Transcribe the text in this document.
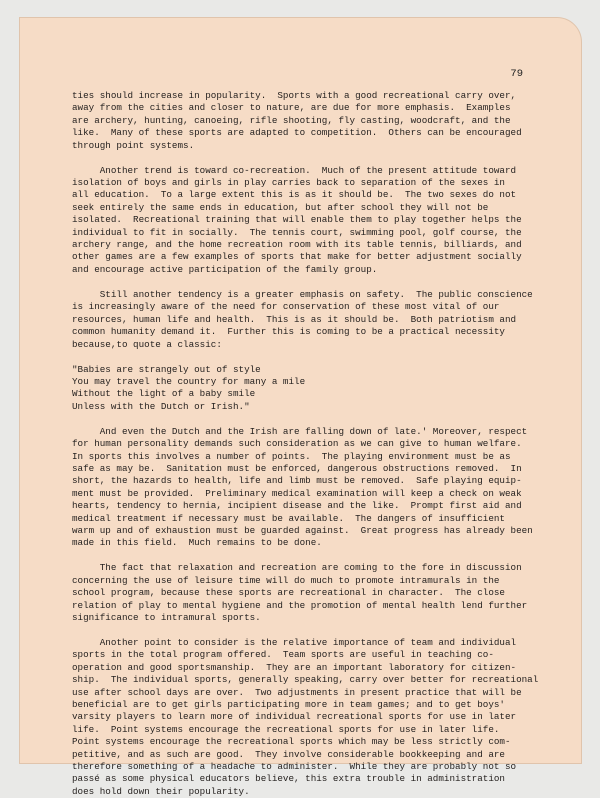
79
ties should increase in popularity.  Sports with a good recreational carry over,
away from the cities and closer to nature, are due for more emphasis.  Examples
are archery, hunting, canoeing, rifle shooting, fly casting, woodcraft, and the
like.  Many of these sports are adapted to competition.  Others can be encouraged
through point systems.
Another trend is toward co-recreation.  Much of the present attitude toward
isolation of boys and girls in play carries back to separation of the sexes in
all education.  To a large extent this is as it should be.  The two sexes do not
seek entirely the same ends in education, but after school they will not be
isolated.  Recreational training that will enable them to play together helps the
individual to fit in socially.  The tennis court, swimming pool, golf course, the
archery range, and the home recreation room with its table tennis, billiards, and
other games are a few examples of sports that make for better adjustment socially
and encourage active participation of the family group.
Still another tendency is a greater emphasis on safety.  The public conscience
is increasingly aware of the need for conservation of these most vital of our
resources, human life and health.  This is as it should be.  Both patriotism and
common humanity demand it.  Further this is coming to be a practical necessity
because,to quote a classic:
"Babies are strangely out of style
You may travel the country for many a mile
Without the light of a baby smile
Unless with the Dutch or Irish."
And even the Dutch and the Irish are falling down of late.' Moreover, respect
for human personality demands such consideration as we can give to human welfare.
In sports this involves a number of points.  The playing environment must be as
safe as may be.  Sanitation must be enforced, dangerous obstructions removed.  In
short, the hazards to health, life and limb must be removed.  Safe playing equip-
ment must be provided.  Preliminary medical examination will keep a check on weak
hearts, tendency to hernia, incipient disease and the like.  Prompt first aid and
medical treatment if necessary must be available.  The dangers of insufficient
warm up and of exhaustion must be guarded against.  Great progress has already been
made in this field.  Much remains to be done.
The fact that relaxation and recreation are coming to the fore in discussion
concerning the use of leisure time will do much to promote intramurals in the
school program, because these sports are recreational in character.  The close
relation of play to mental hygiene and the promotion of mental health lend further
significance to intramural sports.
Another point to consider is the relative importance of team and individual
sports in the total program offered.  Team sports are useful in teaching co-
operation and good sportsmanship.  They are an important laboratory for citizen-
ship.  The individual sports, generally speaking, carry over better for recreational
use after school days are over.  Two adjustments in present practice that will be
beneficial are to get girls participating more in team games; and to get boys'
varsity players to learn more of individual recreational sports for use in later
life.  Point systems encourage the recreational sports for use in later life.
Point systems encourage the recreational sports which may be less strictly com-
petitive, and as such are good.  They involve considerable bookkeeping and are
therefore something of a headache to administer.  While they are probably not so
passé as some physical educators believe, this extra trouble in administration
does hold down their popularity.
